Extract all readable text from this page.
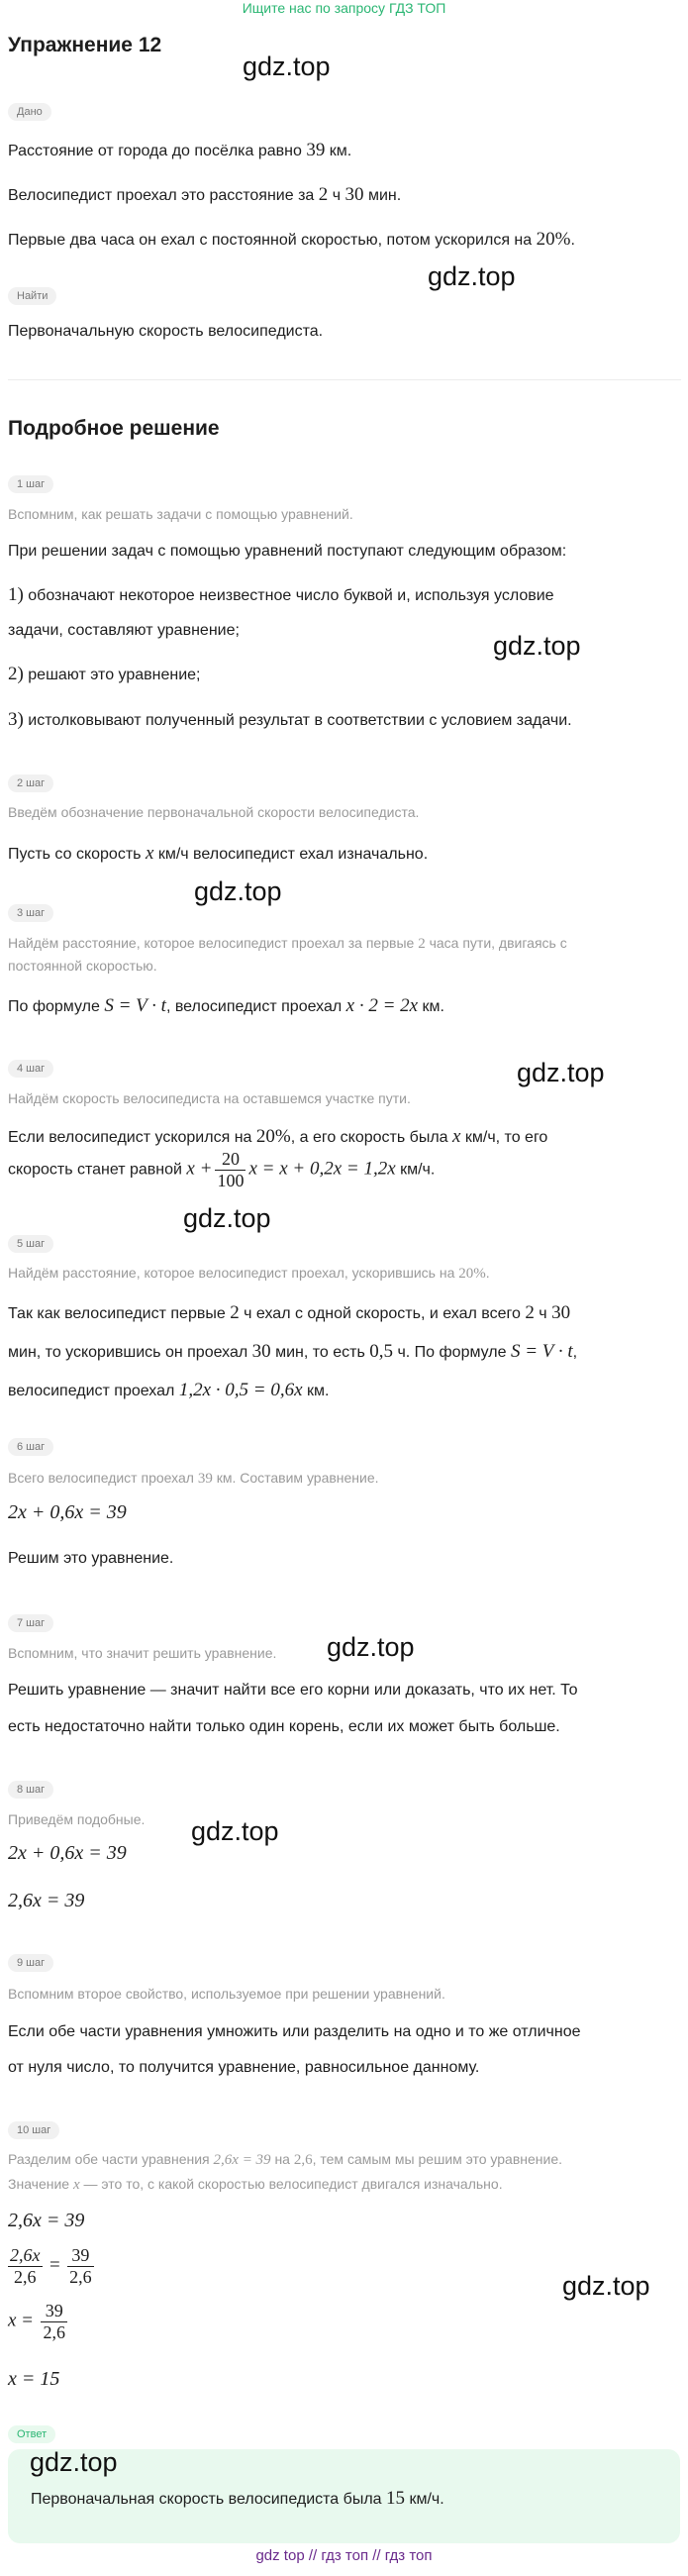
Ищите нас по запросу ГДЗ ТОП
Упражнение 12
gdz.top
Дано
Расстояние от города до посёлка равно 39 км.
Велосипедист проехал это расстояние за 2 ч 30 мин.
Первые два часа он ехал с постоянной скоростью, потом ускорился на 20%.
Найти
gdz.top
Первоначальную скорость велосипедиста.
Подробное решение
1 шаг
Вспомним, как решать задачи с помощью уравнений.
При решении задач с помощью уравнений поступают следующим образом:
1) обозначают некоторое неизвестное число буквой и, используя условие
задачи, составляют уравнение;
gdz.top
2) решают это уравнение;
3) истолковывают полученный результат в соответствии с условием задачи.
2 шаг
Введём обозначение первоначальной скорости велосипедиста.
Пусть со скорость x км/ч велосипедист ехал изначально.
gdz.top
3 шаг
Найдём расстояние, которое велосипедист проехал за первые 2 часа пути, двигаясь с
постоянной скоростью.
По формуле S = V · t, велосипедист проехал x · 2 = 2x км.
4 шаг	gdz.top
Найдём скорость велосипедиста на оставшемся участке пути.
Если велосипедист ускорился на 20%, а его скорость была x км/ч, то его
скорость станет равной $x + \frac{20}{100}$ x = x + 0,2x = 1,2x км/ч.
gdz.top
5 шаг
Найдём расстояние, которое велосипедист проехал, ускорившись на 20%.
Так как велосипедист первые 2 ч ехал с одной скорость, и ехал всего 2 ч 30
мин, то ускорившись он проехал 30 мин, то есть 0,5 ч. По формуле S = V · t,
велосипедист проехал 1,2x · 0,5 = 0,6x км.
6 шаг
Всего велосипедист проехал 39 км. Составим уравнение.
2x + 0,6x = 39
Решим это уравнение.
7 шаг
Вспомним, что значит решить уравнение.	gdz.top
Решить уравнение — значит найти все его корни или доказать, что их нет. То
есть недостаточно найти только один корень, если их может быть больше.
8 шаг
gdz.top
Приведём подобные.
2x + 0,6x = 39
2,6x = 39
9 шаг
Вспомним второе свойство, используемое при решении уравнений.
Если обе части уравнения умножить или разделить на одно и то же отличное
от нуля число, то получится уравнение, равносильное данному.
10 шаг
Разделим обе части уравнения 2,6x = 39 на 2,6, тем самым мы решим это уравнение.
Значение x — это то, с какой скоростью велосипедист двигался изначально.
2,6x = 39
$\frac{2,6x}{2,6} = \frac{39}{2,6}$	gdz.top
$x = \frac{39}{2,6}$
x = 15
Ответ
gdz.top
Первоначальная скорость велосипедиста была 15 км/ч.
gdz top // гдз топ // гдз топ
